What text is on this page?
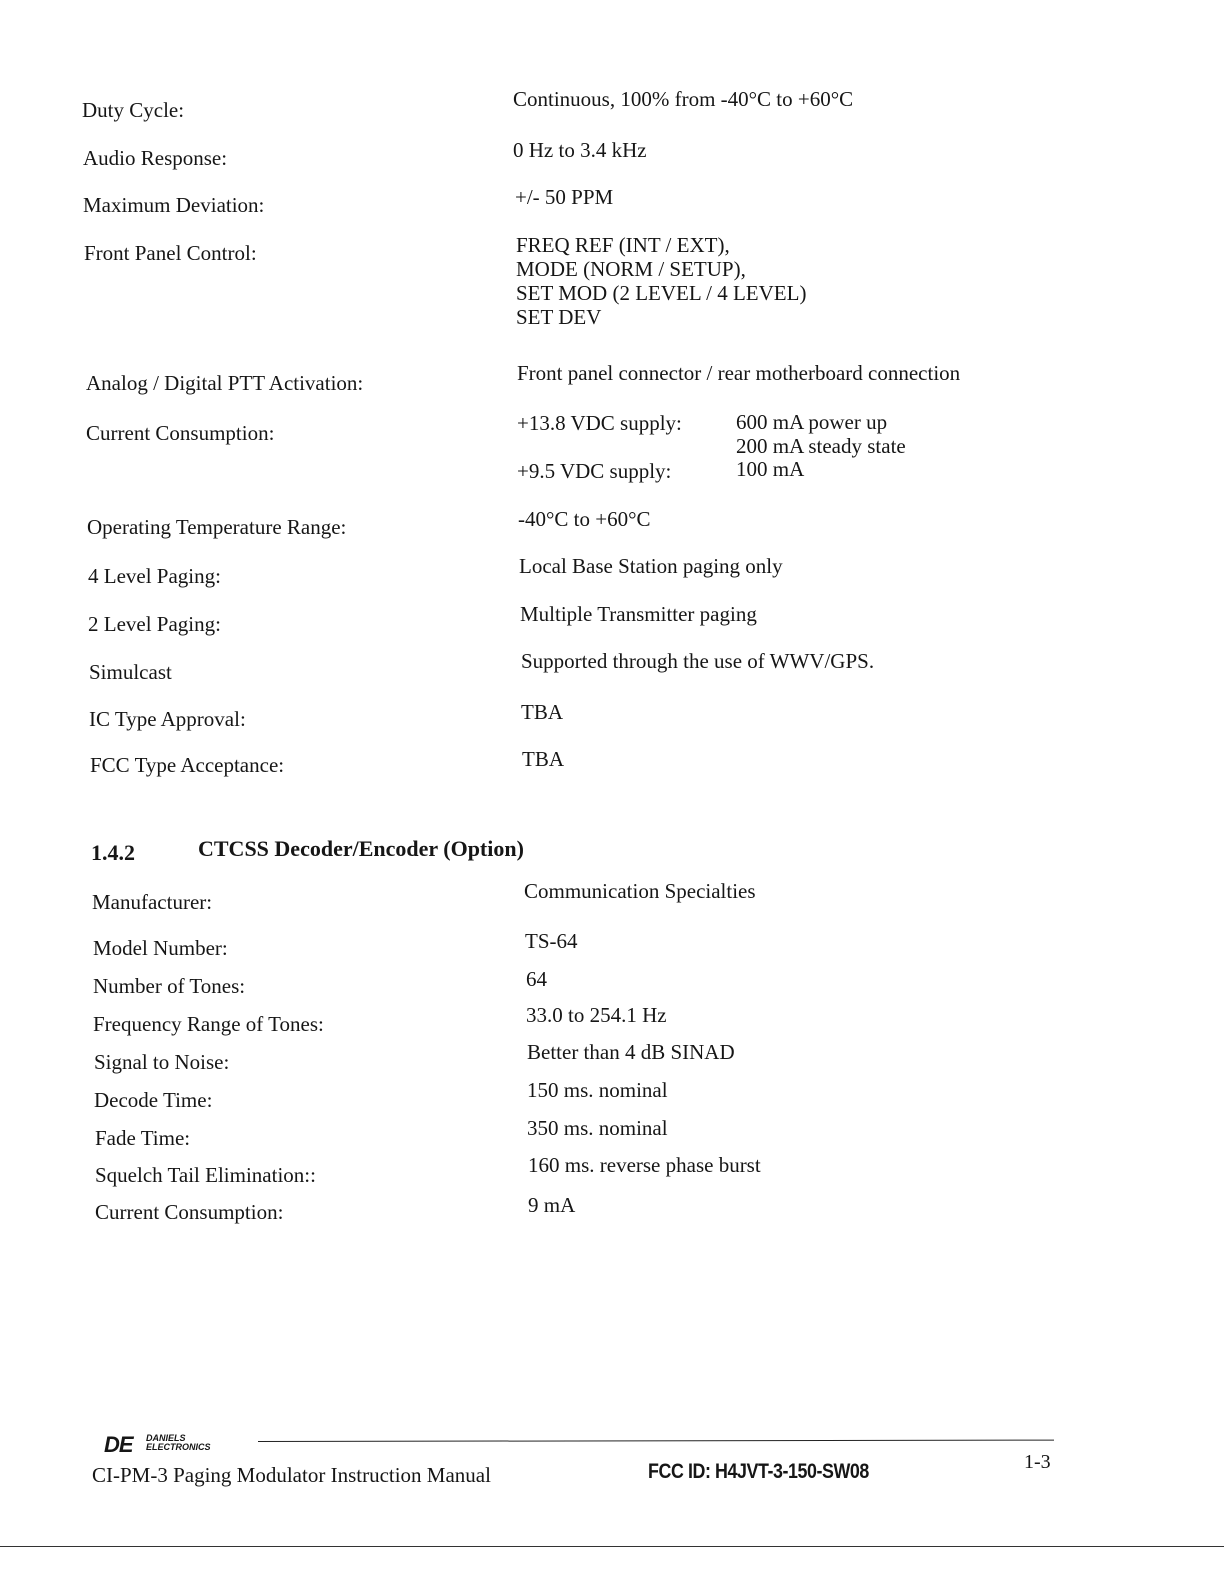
Duty Cycle:	Continuous, 100% from -40°C to +60°C
Audio Response:	0 Hz to 3.4 kHz
Maximum Deviation:	+/- 50 PPM
Front Panel Control:	FREQ REF (INT / EXT),
MODE (NORM / SETUP),
SET MOD (2 LEVEL / 4 LEVEL)
SET DEV
Analog / Digital PTT Activation:	Front panel connector / rear motherboard connection
Current Consumption:	+13.8 VDC supply:	600 mA power up
200 mA steady state
+9.5 VDC supply:	100 mA
Operating Temperature Range:	-40°C to +60°C
4 Level Paging:	Local Base Station paging only
2 Level Paging:	Multiple Transmitter paging
Simulcast	Supported through the use of WWV/GPS.
IC Type Approval:	TBA
FCC Type Acceptance:	TBA
1.4.2	CTCSS Decoder/Encoder (Option)
Manufacturer:	Communication Specialties
Model Number:	TS-64
Number of Tones:	64
Frequency Range of Tones:	33.0 to 254.1 Hz
Signal to Noise:	Better than 4 dB SINAD
Decode Time:	150 ms. nominal
Fade Time:	350 ms. nominal
Squelch Tail Elimination::	160 ms. reverse phase burst
Current Consumption:	9 mA
DE DANIELS
ELECTRONICS
CI-PM-3 Paging Modulator Instruction Manual	FCC ID: H4JVT-3-150-SW08	1-3
